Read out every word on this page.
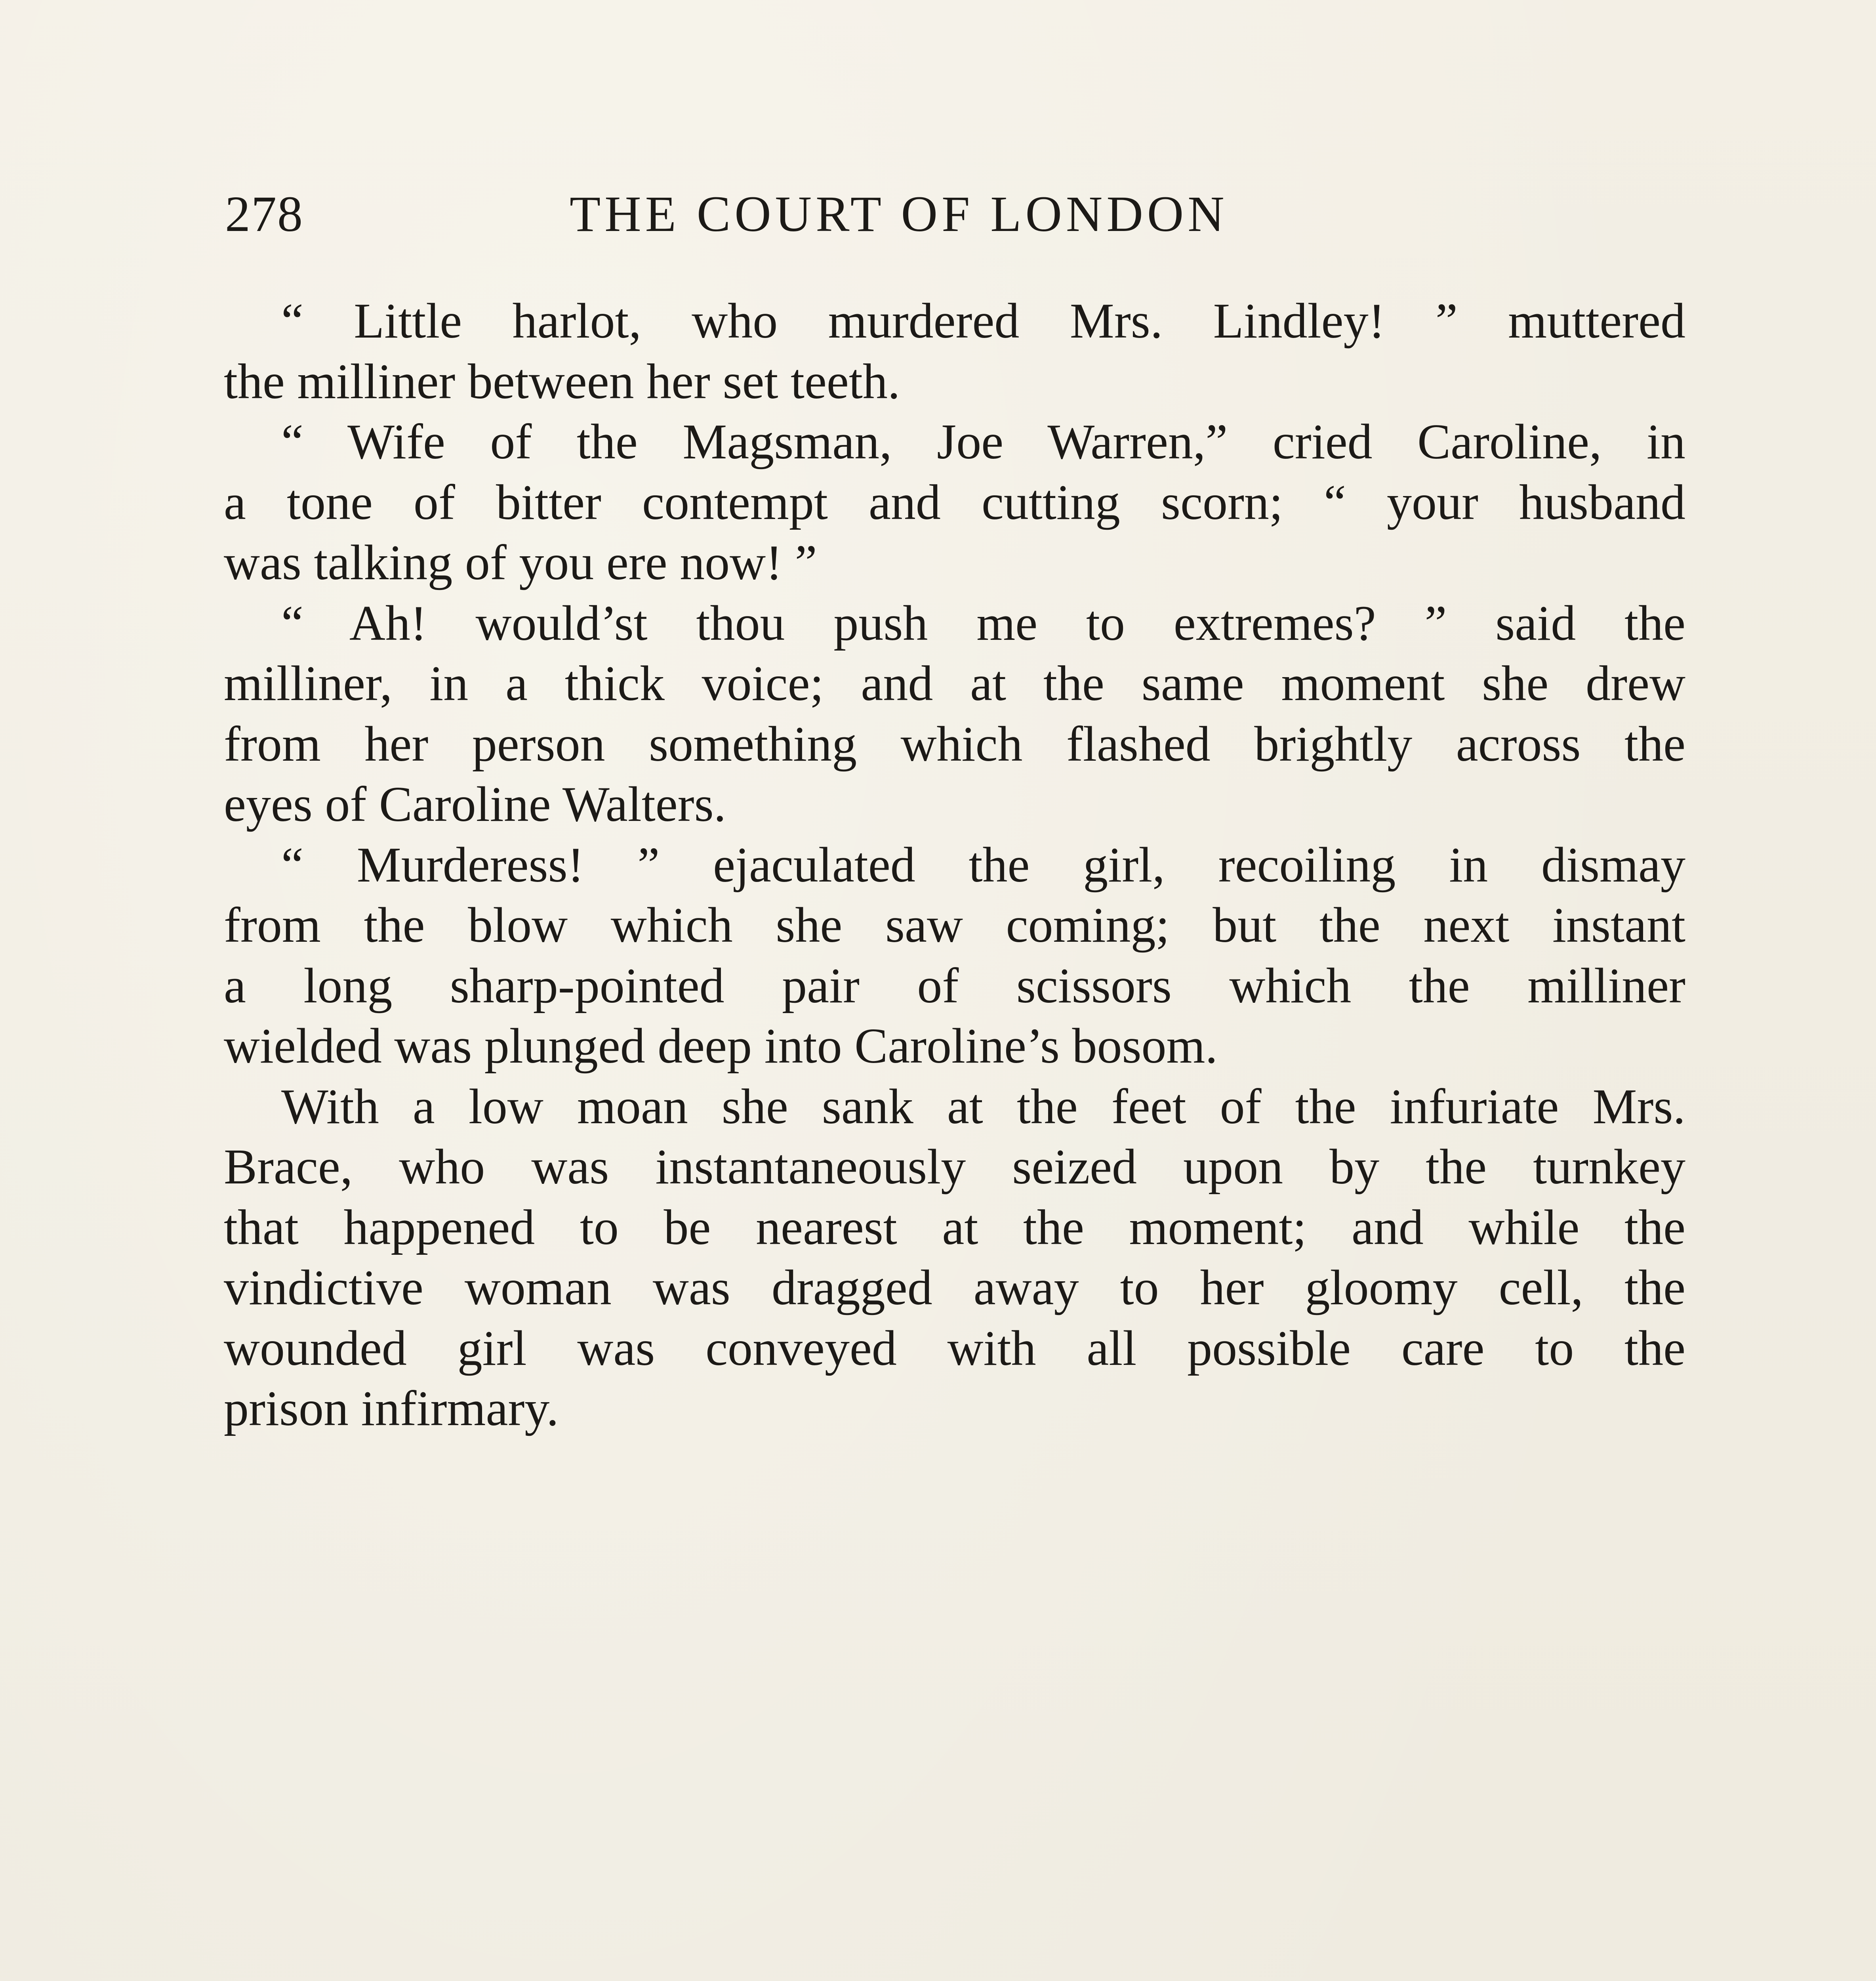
278	THE COURT OF LONDON
“ Little harlot, who murdered Mrs. Lindley! ” muttered
the milliner between her set teeth.
“ Wife of the Magsman, Joe Warren,” cried Caroline, in
a tone of bitter contempt and cutting scorn; “ your husband
was talking of you ere now! ”
“ Ah! would’st thou push me to extremes? ” said the
milliner, in a thick voice; and at the same moment she drew
from her person something which flashed brightly across the
eyes of Caroline Walters.
“ Murderess! ” ejaculated the girl, recoiling in dismay
from the blow which she saw coming; but the next instant
a long sharp-pointed pair of scissors which the milliner
wielded was plunged deep into Caroline’s bosom.
With a low moan she sank at the feet of the infuriate Mrs.
Brace, who was instantaneously seized upon by the turnkey
that happened to be nearest at the moment; and while the
vindictive woman was dragged away to her gloomy cell, the
wounded girl was conveyed with all possible care to the
prison infirmary.
